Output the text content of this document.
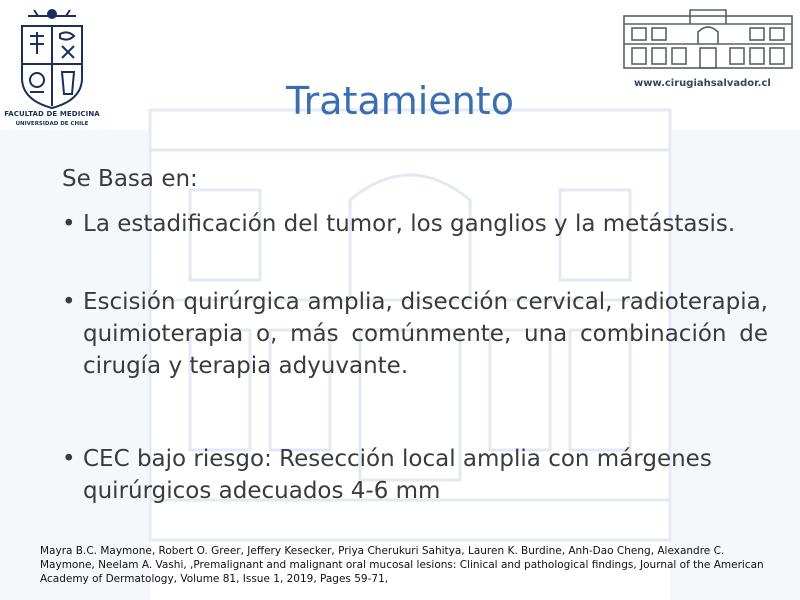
FACULTAD DE MEDICINA
UNIVERSIDAD DE CHILE
www.cirugiahsalvador.cl
Tratamiento
Se Basa en:
• La estadificación del tumor, los ganglios y la metástasis.
• Escisión quirúrgica amplia, disección cervical, radioterapia, quimioterapia o, más comúnmente, una combinación de cirugía y terapia adyuvante.
• CEC bajo riesgo: Resección local amplia con márgenes quirúrgicos adecuados 4-6 mm
Mayra B.C. Maymone, Robert O. Greer, Jeffery Kesecker, Priya Cherukuri Sahitya, Lauren K. Burdine, Anh-Dao Cheng, Alexandre C. Maymone, Neelam A. Vashi, ,Premalignant and malignant oral mucosal lesions: Clinical and pathological findings, Journal of the American Academy of Dermatology, Volume 81, Issue 1, 2019, Pages 59-71,
